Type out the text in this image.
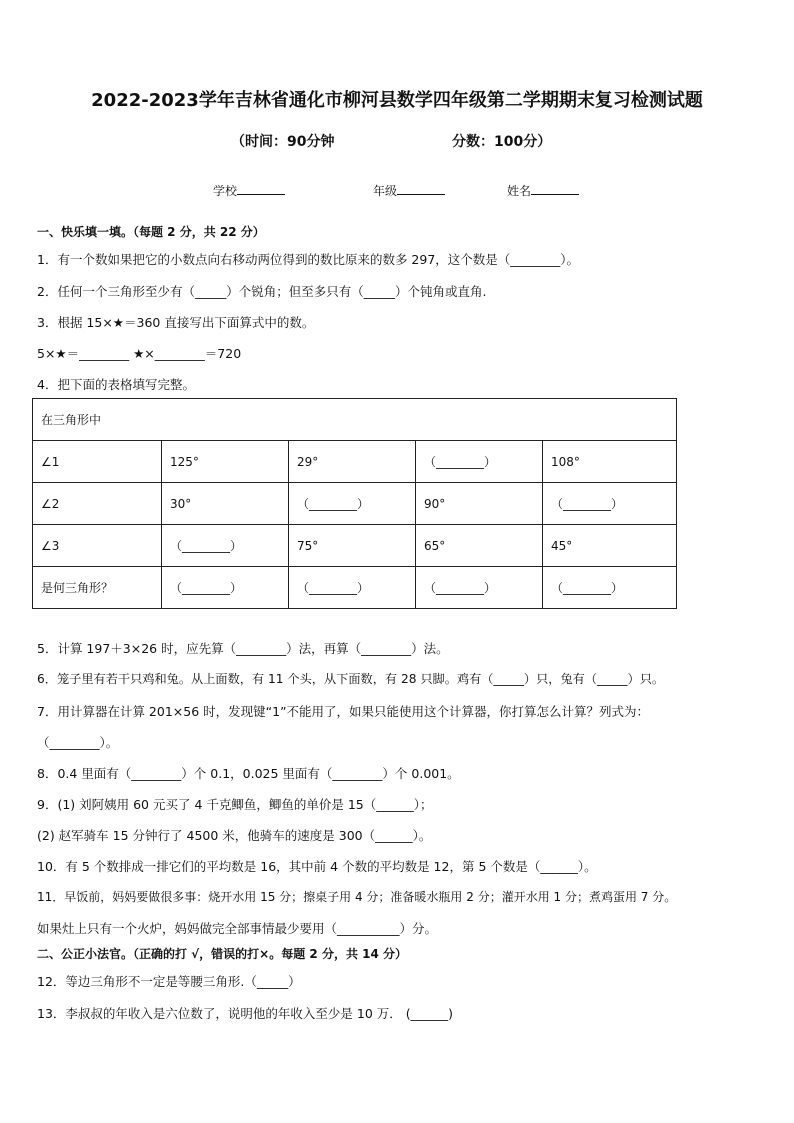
2022-2023学年吉林省通化市柳河县数学四年级第二学期期末复习检测试题
（时间：90分钟	分数：100分）
学校	年级	姓名
一、快乐填一填。（每题 2 分，共 22 分）
1．有一个数如果把它的小数点向右移动两位得到的数比原来的数多 297，这个数是（________）。
2．任何一个三角形至少有（_____）个锐角；但至多只有（_____）个钝角或直角.
3．根据 15×★＝360 直接写出下面算式中的数。
5×★＝________ ★×________＝720
4．把下面的表格填写完整。
在三角形中				
∠1	125°	29°	（________）	108°
∠2	30°	（________）	90°	（________）
∠3	（________）	75°	65°	45°
是何三角形？	（________）	（________）	（________）	（________）
5．计算 197＋3×26 时，应先算（________）法，再算（________）法。
6．笼子里有若干只鸡和兔。从上面数，有 11 个头，从下面数，有 28 只脚。鸡有（_____）只，兔有（_____）只。
7．用计算器在计算 201×56 时，发现键“1”不能用了，如果只能使用这个计算器，你打算怎么计算？列式为：
（________）。
8．0.4 里面有（________）个 0.1，0.025 里面有（________）个 0.001。
9．(1) 刘阿姨用 60 元买了 4 千克鲫鱼，鲫鱼的单价是 15（______）；
(2) 赵军骑车 15 分钟行了 4500 米，他骑车的速度是 300（______）。
10．有 5 个数排成一排它们的平均数是 16，其中前 4 个数的平均数是 12，第 5 个数是（______）。
11．早饭前，妈妈要做很多事：烧开水用 15 分；擦桌子用 4 分；准备暖水瓶用 2 分；灌开水用 1 分；煮鸡蛋用 7 分。
如果灶上只有一个火炉，妈妈做完全部事情最少要用（__________）分。
二、公正小法官。（正确的打 √，错误的打×。每题 2 分，共 14 分）
12．等边三角形不一定是等腰三角形.（_____）
13．李叔叔的年收入是六位数了，说明他的年收入至少是 10 万． (______)
